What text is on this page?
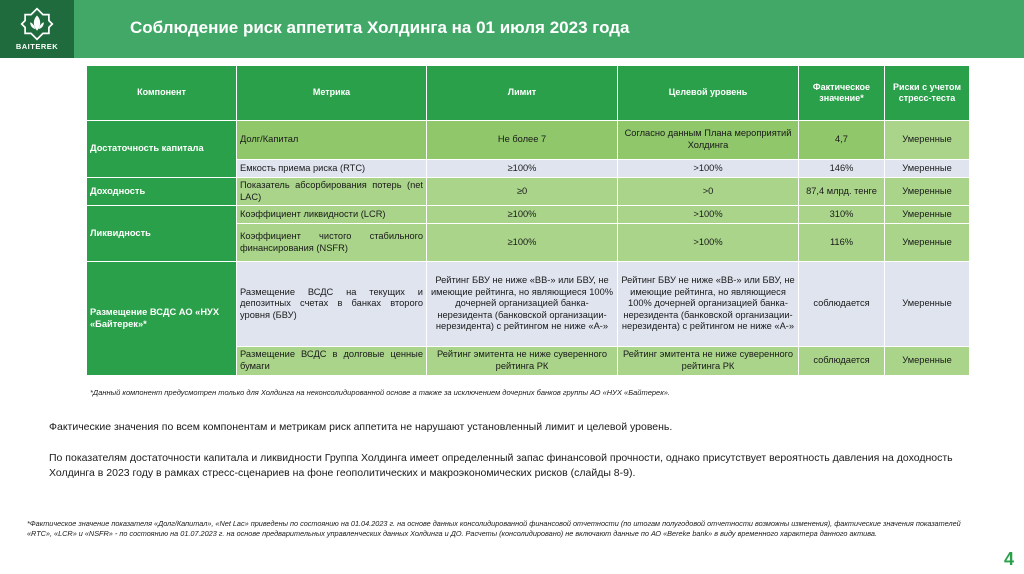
BAITEREK
Соблюдение риск аппетита Холдинга на 01 июля 2023 года
Компонент	Метрика	Лимит	Целевой уровень	Фактическое значение*	Риски с учетом стресс-теста
Достаточность капитала	Долг/Капитал	Не более 7	Согласно данным Плана мероприятий Холдинга	4,7	Умеренные
	Емкость приема риска (RTC)	≥100%	>100%	146%	Умеренные
Доходность	Показатель абсорбирования потерь (net LAC)	≥0	>0	87,4 млрд. тенге	Умеренные
Ликвидность	Коэффициент ликвидности (LCR)	≥100%	>100%	310%	Умеренные
	Коэффициент чистого стабильного финансирования (NSFR)	≥100%	>100%	116%	Умеренные
Размещение ВСДС АО «НУХ «Байтерек»*	Размещение ВСДС на текущих и депозитных счетах в банках второго уровня (БВУ)	Рейтинг БВУ не ниже «ВВ-» или БВУ, не имеющие рейтинга, но являющиеся 100% дочерней организацией банка-нерезидента (банковской организации-нерезидента) с рейтингом не ниже «А-»	Рейтинг БВУ не ниже «ВВ-» или БВУ, не имеющие рейтинга, но являющиеся 100% дочерней организацией банка-нерезидента (банковской организации-нерезидента) с рейтингом не ниже «А-»	соблюдается	Умеренные
	Размещение ВСДС в долговые ценные бумаги	Рейтинг эмитента не ниже суверенного рейтинга РК	Рейтинг эмитента не ниже суверенного рейтинга РК	соблюдается	Умеренные
*Данный компонент предусмотрен только для Холдинга на неконсолидированной основе а также за исключением дочерних банков группы АО «НУХ «Байтерек».
Фактические значения по всем компонентам и метрикам риск аппетита не нарушают установленный лимит и целевой уровень.
По показателям достаточности капитала и ликвидности Группа Холдинга имеет определенный запас финансовой прочности, однако присутствует вероятность давления на доходность Холдинга в 2023 году в рамках стресс-сценариев на фоне геополитических и макроэкономических рисков (слайды 8-9).
*Фактическое значение показателя «Долг/Капитал», «Net Lac» приведены по состоянию на 01.04.2023 г. на основе данных консолидированной финансовой отчетности (по итогам полугодовой отчетности возможны изменения), фактические значения показателей «RTC», «LCR» и «NSFR» - по состоянию на 01.07.2023 г. на основе предварительных управленческих данных Холдинга и ДО. Расчеты (консолидировано) не включают данные по АО «Bereke bank» в виду временного характера данного актива.
4
